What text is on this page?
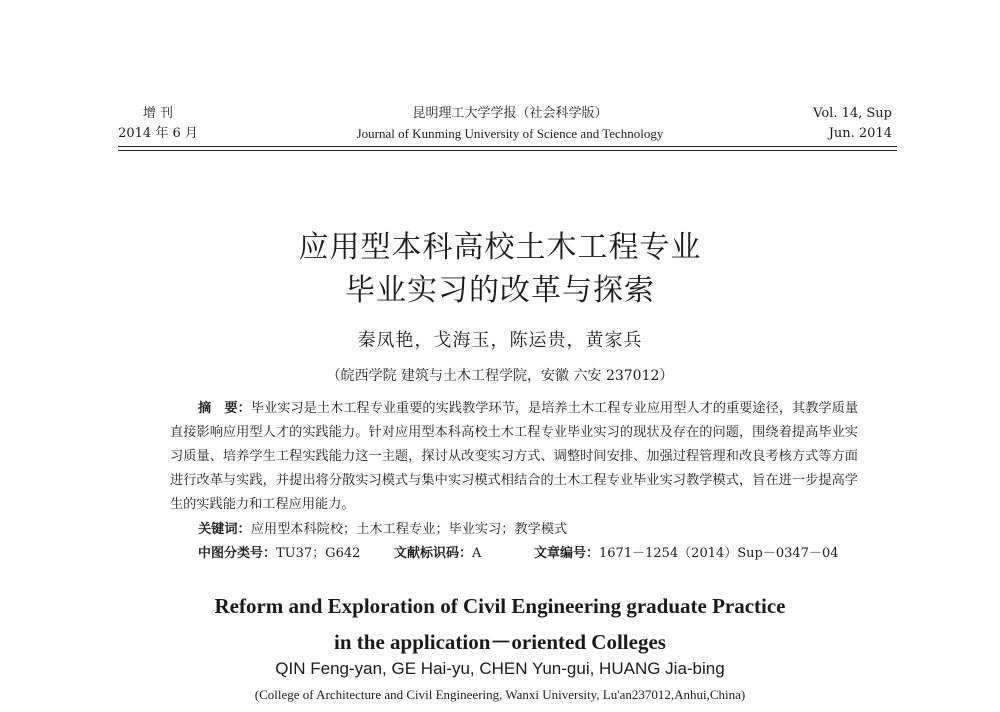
增 刊
2014 年 6 月
昆明理工大学学报（社会科学版）
Journal of Kunming University of Science and Technology
Vol. 14, Sup
Jun. 2014
应用型本科高校土木工程专业
毕业实习的改革与探索
秦凤艳，戈海玉，陈运贵，黄家兵
（皖西学院 建筑与土木工程学院，安徽 六安 237012）
摘　要：毕业实习是土木工程专业重要的实践教学环节，是培养土木工程专业应用型人才的重要途径，其教学质量直接影响应用型人才的实践能力。针对应用型本科高校土木工程专业毕业实习的现状及存在的问题，围绕着提高毕业实习质量、培养学生工程实践能力这一主题，探讨从改变实习方式、调整时间安排、加强过程管理和改良考核方式等方面进行改革与实践，并提出将分散实习模式与集中实习模式相结合的土木工程专业毕业实习教学模式，旨在进一步提高学生的实践能力和工程应用能力。
关键词：应用型本科院校；土木工程专业；毕业实习；教学模式
中图分类号：TU37；G642	文献标识码：A	文章编号：1671－1254（2014）Sup－0347－04
Reform and Exploration of Civil Engineering graduate Practice
in the application－oriented Colleges
QIN Feng-yan, GE Hai-yu, CHEN Yun-gui, HUANG Jia-bing
(College of Architecture and Civil Engineering, Wanxi University, Lu'an237012,Anhui,China)
